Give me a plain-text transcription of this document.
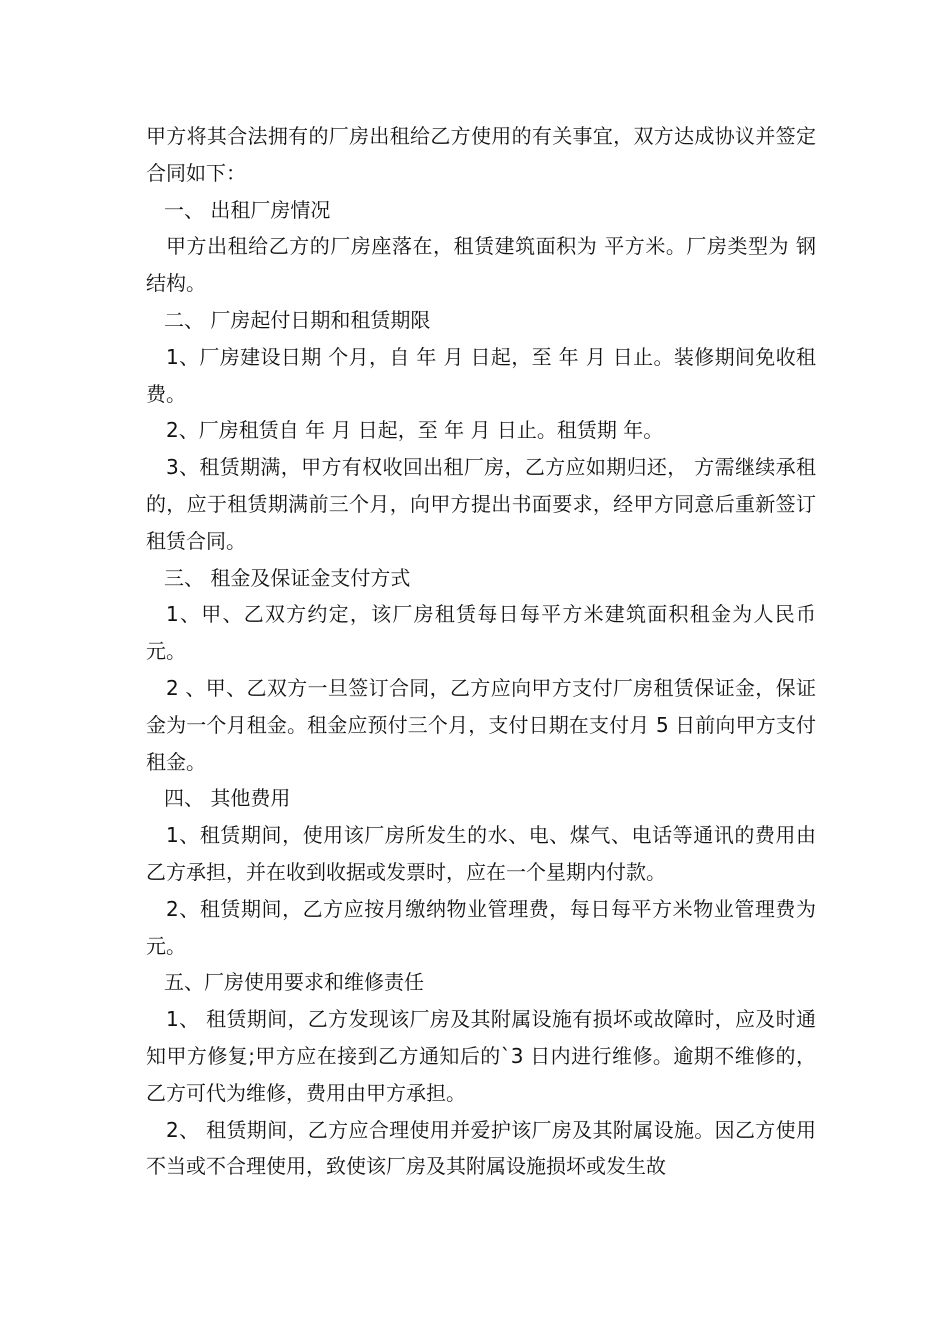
甲方将其合法拥有的厂房出租给乙方使用的有关事宜，双方达成协议并签定合同如下：

一、 出租厂房情况

甲方出租给乙方的厂房座落在，租赁建筑面积为 平方米。厂房类型为 钢 结构。

二、 厂房起付日期和租赁期限

1、厂房建设日期 个月，自 年 月 日起，至 年 月 日止。装修期间免收租费。

2、厂房租赁自 年 月 日起，至 年 月 日止。租赁期 年。

3、租赁期满，甲方有权收回出租厂房，乙方应如期归还， 方需继续承租的，应于租赁期满前三个月，向甲方提出书面要求，经甲方同意后重新签订租赁合同。

三、 租金及保证金支付方式

1、甲、乙双方约定，该厂房租赁每日每平方米建筑面积租金为人民币 元。

2 、甲、乙双方一旦签订合同，乙方应向甲方支付厂房租赁保证金，保证金为一个月租金。租金应预付三个月，支付日期在支付月 5 日前向甲方支付租金。

四、 其他费用

1、租赁期间，使用该厂房所发生的水、电、煤气、电话等通讯的费用由乙方承担，并在收到收据或发票时，应在一个星期内付款。

2、租赁期间，乙方应按月缴纳物业管理费，每日每平方米物业管理费为 元。

五、厂房使用要求和维修责任

1、 租赁期间，乙方发现该厂房及其附属设施有损坏或故障时，应及时通知甲方修复;甲方应在接到乙方通知后的`3 日内进行维修。逾期不维修的，乙方可代为维修，费用由甲方承担。

2、 租赁期间，乙方应合理使用并爱护该厂房及其附属设施。因乙方使用不当或不合理使用，致使该厂房及其附属设施损坏或发生故
